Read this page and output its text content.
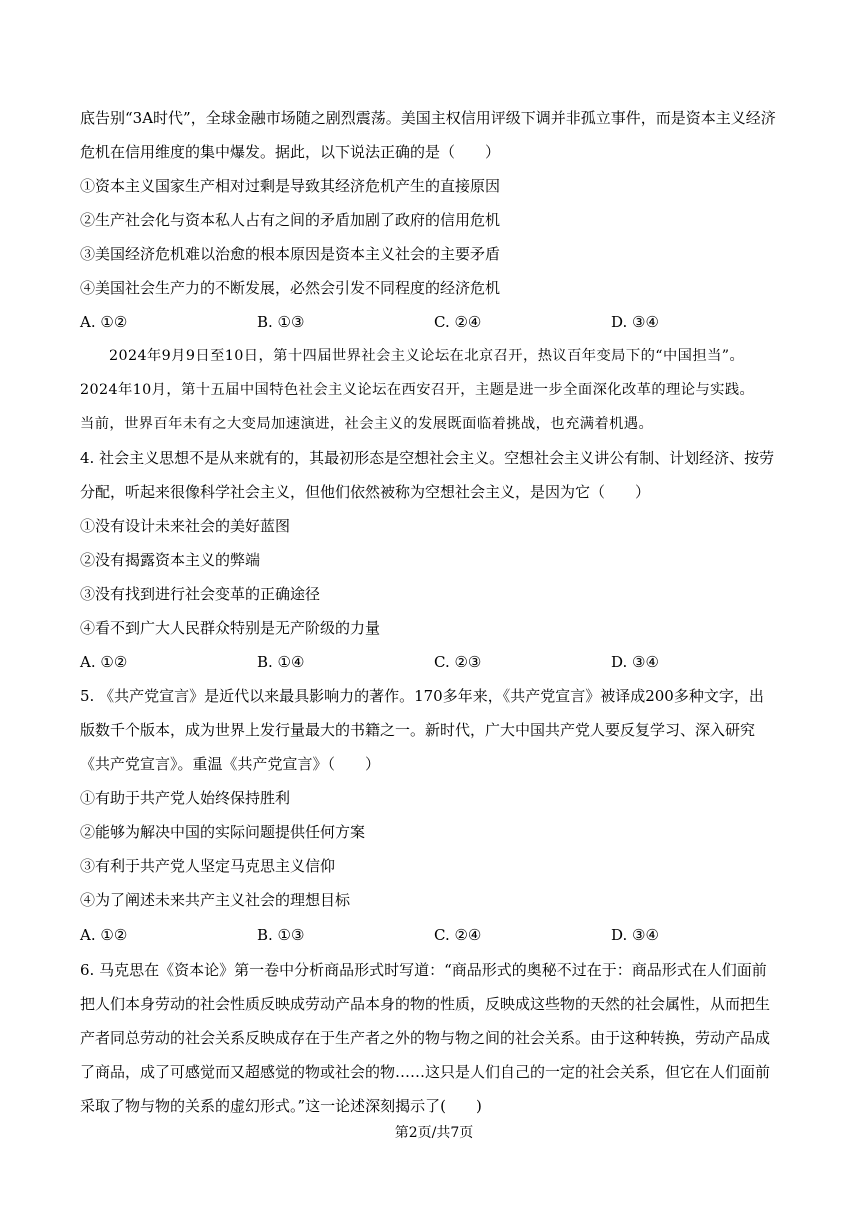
底告别“3A时代”，全球金融市场随之剧烈震荡。美国主权信用评级下调并非孤立事件，而是资本主义经济
危机在信用维度的集中爆发。据此，以下说法正确的是（　　）
①资本主义国家生产相对过剩是导致其经济危机产生的直接原因
②生产社会化与资本私人占有之间的矛盾加剧了政府的信用危机
③美国经济危机难以治愈的根本原因是资本主义社会的主要矛盾
④美国社会生产力的不断发展，必然会引发不同程度的经济危机
A. ①②	B. ①③	C. ②④	D. ③④
2024年9月9日至10日，第十四届世界社会主义论坛在北京召开，热议百年变局下的“中国担当”。
2024年10月，第十五届中国特色社会主义论坛在西安召开，主题是进一步全面深化改革的理论与实践。
当前，世界百年未有之大变局加速演进，社会主义的发展既面临着挑战，也充满着机遇。
4. 社会主义思想不是从来就有的，其最初形态是空想社会主义。空想社会主义讲公有制、计划经济、按劳
分配，听起来很像科学社会主义，但他们依然被称为空想社会主义，是因为它（　　）
①没有设计未来社会的美好蓝图
②没有揭露资本主义的弊端
③没有找到进行社会变革的正确途径
④看不到广大人民群众特别是无产阶级的力量
A. ①②	B. ①④	C. ②③	D. ③④
5. 《共产党宣言》是近代以来最具影响力的著作。170多年来，《共产党宣言》被译成200多种文字，出
版数千个版本，成为世界上发行量最大的书籍之一。新时代，广大中国共产党人要反复学习、深入研究
《共产党宣言》。重温《共产党宣言》（　　）
①有助于共产党人始终保持胜利
②能够为解决中国的实际问题提供任何方案
③有利于共产党人坚定马克思主义信仰
④为了阐述未来共产主义社会的理想目标
A. ①②	B. ①③	C. ②④	D. ③④
6. 马克思在《资本论》第一卷中分析商品形式时写道：“商品形式的奥秘不过在于：商品形式在人们面前
把人们本身劳动的社会性质反映成劳动产品本身的物的性质，反映成这些物的天然的社会属性，从而把生
产者同总劳动的社会关系反映成存在于生产者之外的物与物之间的社会关系。由于这种转换，劳动产品成
了商品，成了可感觉而又超感觉的物或社会的物……这只是人们自己的一定的社会关系，但它在人们面前
采取了物与物的关系的虚幻形式。”这一论述深刻揭示了(　　)
第2页/共7页
